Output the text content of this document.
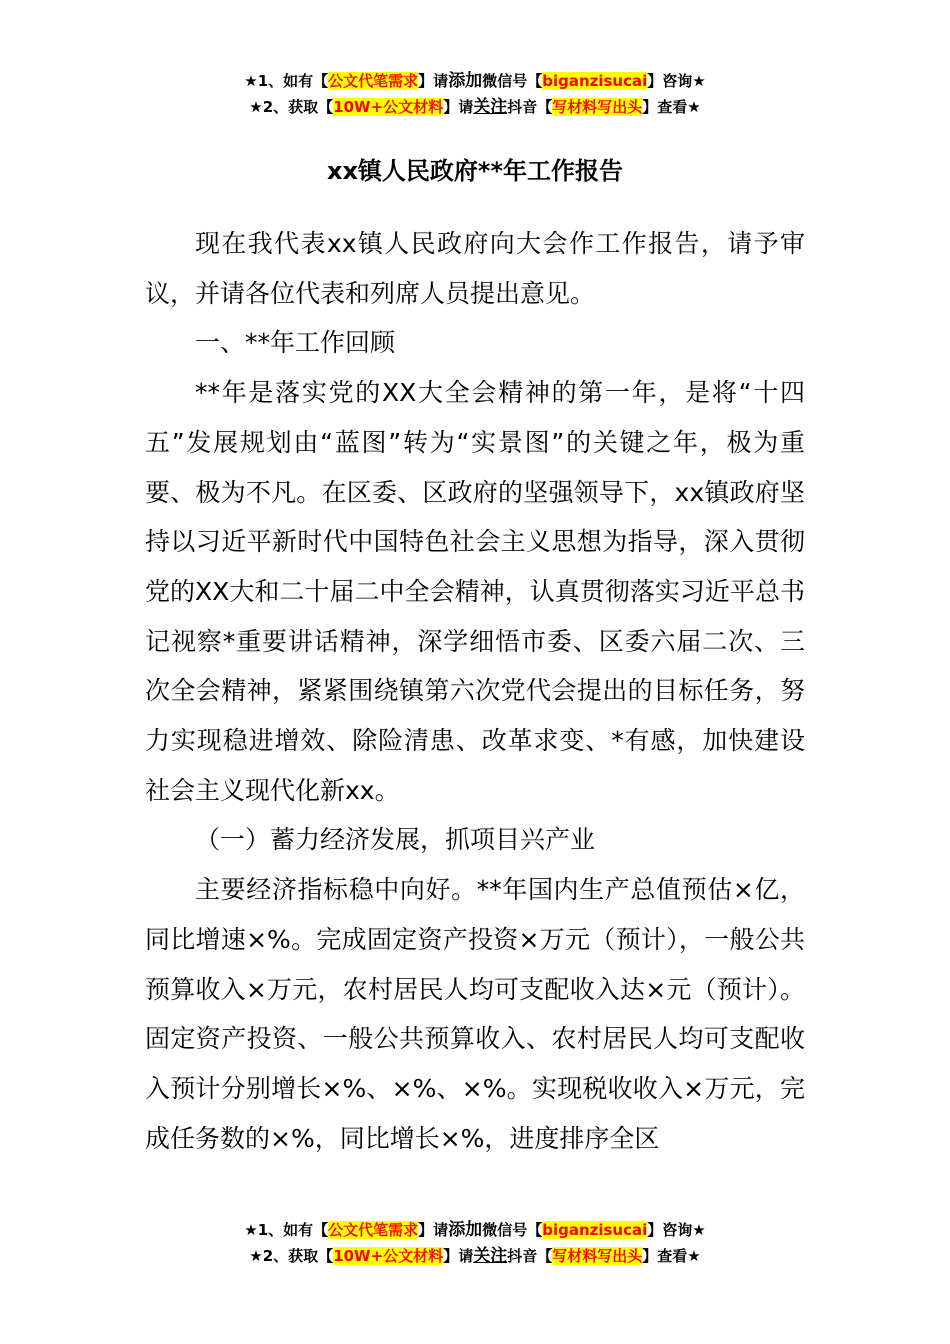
★1、如有【公文代笔需求】请添加微信号【biganzisucai】咨询★
★2、获取【10W+公文材料】请关注抖音【写材料写出头】查看★
xx镇人民政府**年工作报告

现在我代表xx镇人民政府向大会作工作报告，请予审议，并请各位代表和列席人员提出意见。

一、**年工作回顾

**年是落实党的XX大全会精神的第一年，是将“十四五”发展规划由“蓝图”转为“实景图”的关键之年，极为重要、极为不凡。在区委、区政府的坚强领导下，xx镇政府坚持以习近平新时代中国特色社会主义思想为指导，深入贯彻党的XX大和二十届二中全会精神，认真贯彻落实习近平总书记视察*重要讲话精神，深学细悟市委、区委六届二次、三次全会精神，紧紧围绕镇第六次党代会提出的目标任务，努力实现稳进增效、除险清患、改革求变、*有感，加快建设社会主义现代化新xx。

（一）蓄力经济发展，抓项目兴产业

主要经济指标稳中向好。**年国内生产总值预估×亿，同比增速×%。完成固定资产投资×万元（预计），一般公共预算收入×万元，农村居民人均可支配收入达×元（预计）。固定资产投资、一般公共预算收入、农村居民人均可支配收入预计分别增长×%、×%、×%。实现税收收入×万元，完成任务数的×%，同比增长×%，进度排序全区

★1、如有【公文代笔需求】请添加微信号【biganzisucai】咨询★
★2、获取【10W+公文材料】请关注抖音【写材料写出头】查看★
